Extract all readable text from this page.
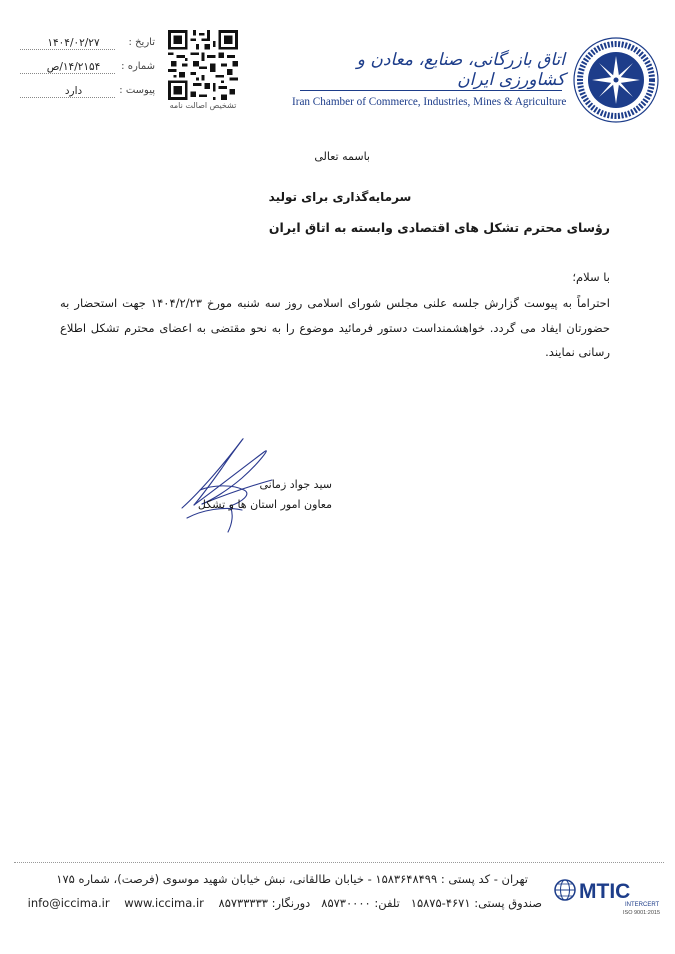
اتاق بازرگانی، صنایع، معادن و کشاورزی ایران
Iran Chamber of Commerce, Industries, Mines & Agriculture
تشخیص اصالت نامه
تاریخ :
۱۴۰۴/۰۲/۲۷
شماره :
۱۴/۲۱۵۴/ص
پیوست :
دارد
باسمه تعالی
سرمایه‌گذاری برای تولید
رؤسای محترم تشکل های اقتصادی وابسته به اتاق ایران
با سلام؛
احتراماً به پیوست گزارش جلسه علنی مجلس شورای اسلامی روز سه شنبه مورخ ۱۴۰۴/۲/۲۳ جهت استحضار به حضورتان ایفاد می گردد. خواهشمنداست دستور فرمائید موضوع را به نحو مقتضی به اعضای محترم تشکل اطلاع رسانی نمایند.
سید جواد زمانی
معاون امور استان ها و تشکل
MTIC
INTERCERT
ISO 9001:2015
تهران - کد پستی : ۱۵۸۳۶۴۸۴۹۹ - خیابان طالقانی، نبش خیابان شهید موسوی (فرصت)، شماره ۱۷۵
صندوق پستی: ۴۶۷۱-۱۵۸۷۵   تلفن: ۸۵۷۳۰۰۰۰   دورنگار: ۸۵۷۳۳۳۳۳    info@iccima.ir www.iccima.ir
